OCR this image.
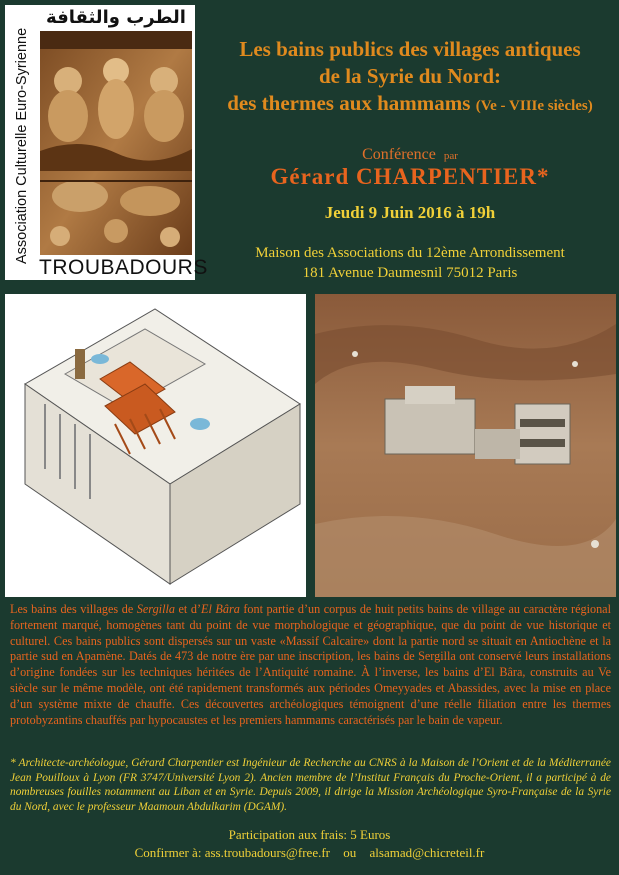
الطرب والثقافة
Association Culturelle Euro-Syrienne
TROUBADOURS
Les bains publics des villages antiques
de la Syrie du Nord:
des thermes aux hammams (Ve - VIIIe siècles)
Conférence par
Gérard CHARPENTIER*
Jeudi 9 Juin 2016 à 19h
Maison des Associations du 12ème Arrondissement
181 Avenue Daumesnil 75012 Paris
Les bains des villages de Sergilla et d’El Bâra font partie d’un corpus de huit petits bains de village au caractère régional fortement marqué, homogènes tant du point de vue morphologique et géographique, que du point de vue historique et culturel. Ces bains publics sont dispersés sur un vaste «Massif Calcaire» dont la partie nord se situait en Antiochène et la partie sud en Apamène. Datés de 473 de notre ère par une inscription, les bains de Sergilla ont conservé leurs installations d’origine fondées sur les techniques héritées de l’Antiquité romaine. À l’inverse, les bains d’El Bâra, construits au Ve siècle sur le même modèle, ont été rapidement transformés aux périodes Omeyyades et Abassides, avec la mise en place d’un système mixte de chauffe. Ces découvertes archéologiques témoignent d’une réelle filiation entre les thermes protobyzantins chauffés par hypocaustes et les premiers hammams caractérisés par le bain de vapeur.
* Architecte-archéologue, Gérard Charpentier est Ingénieur de Recherche au CNRS à la Maison de l’Orient et de la Méditerranée Jean Pouilloux à Lyon (FR 3747/Université Lyon 2). Ancien membre de l’Institut Français du Proche-Orient, il a participé à de nombreuses fouilles notamment au Liban et en Syrie. Depuis 2009, il dirige la Mission Archéologique Syro-Française de la Syrie du Nord, avec le professeur Maamoun Abdulkarim (DGAM).
Participation aux frais: 5 Euros
Confirmer à: ass.troubadours@free.fr ou alsamad@chicreteil.fr
